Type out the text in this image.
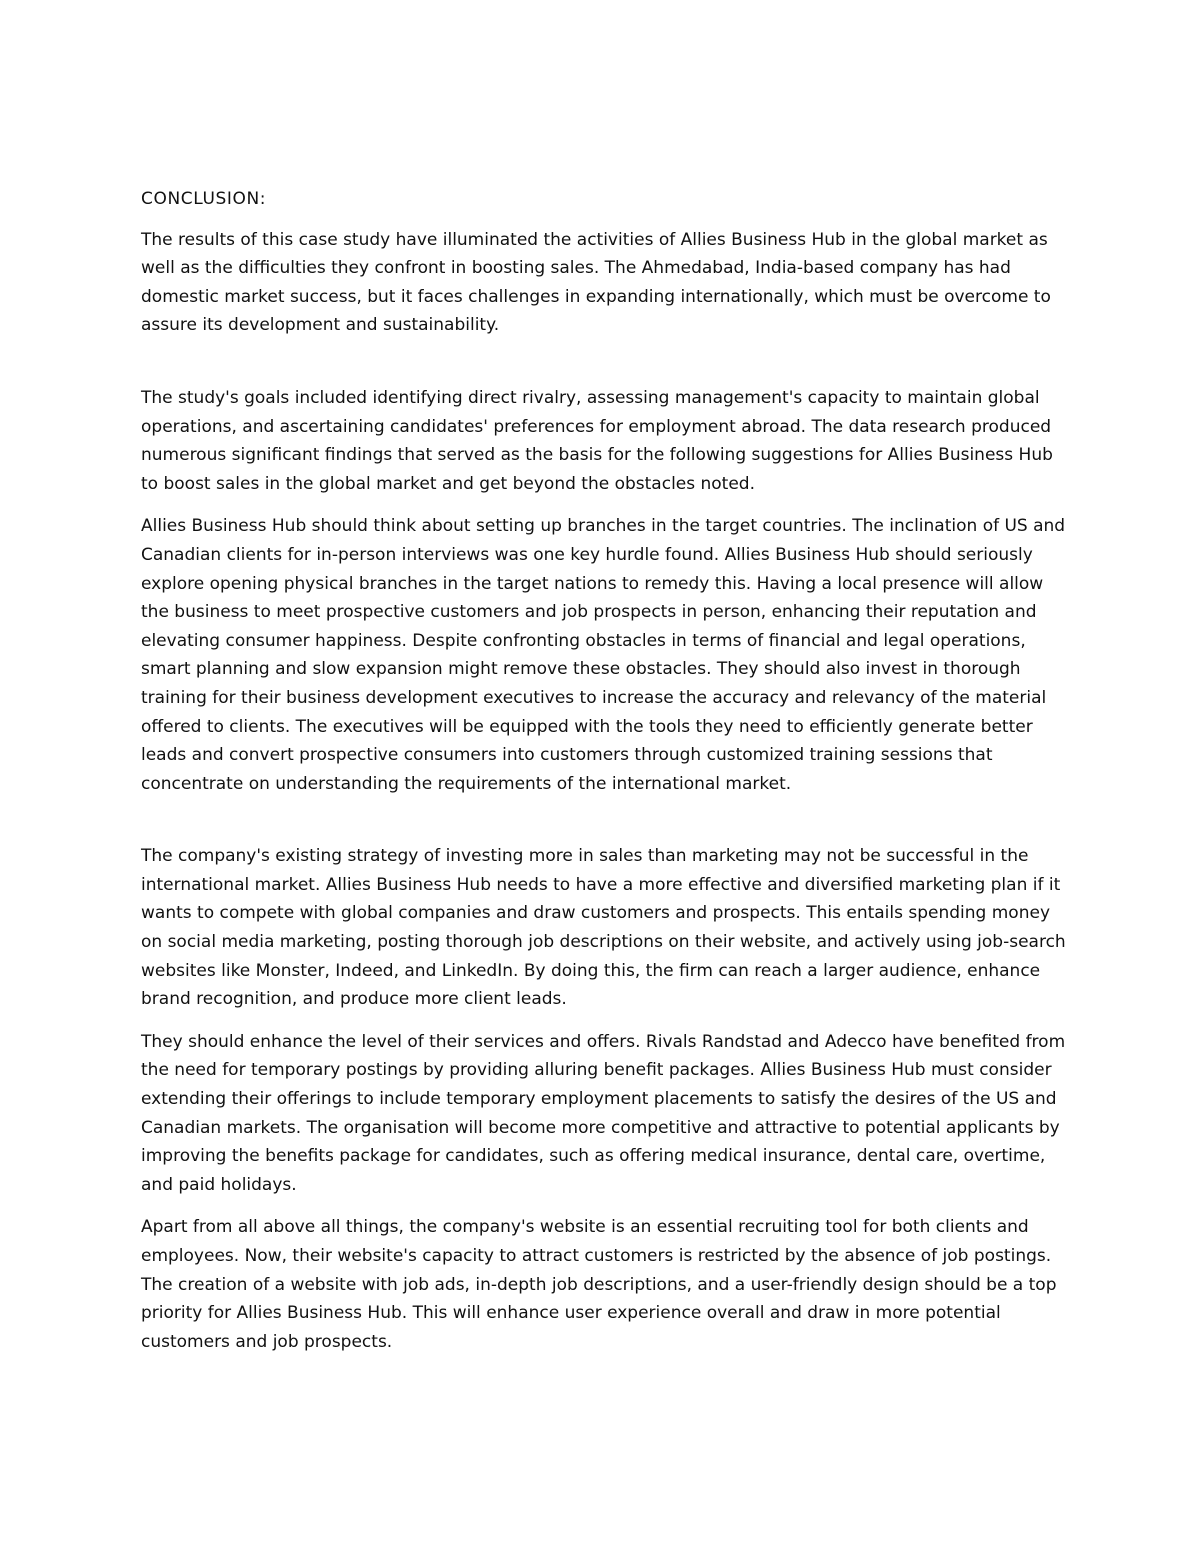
CONCLUSION:

The results of this case study have illuminated the activities of Allies Business Hub in the global market as well as the difficulties they confront in boosting sales. The Ahmedabad, India-based company has had domestic market success, but it faces challenges in expanding internationally, which must be overcome to assure its development and sustainability.

The study's goals included identifying direct rivalry, assessing management's capacity to maintain global operations, and ascertaining candidates' preferences for employment abroad. The data research produced numerous significant findings that served as the basis for the following suggestions for Allies Business Hub to boost sales in the global market and get beyond the obstacles noted.

Allies Business Hub should think about setting up branches in the target countries. The inclination of US and Canadian clients for in-person interviews was one key hurdle found. Allies Business Hub should seriously explore opening physical branches in the target nations to remedy this. Having a local presence will allow the business to meet prospective customers and job prospects in person, enhancing their reputation and elevating consumer happiness. Despite confronting obstacles in terms of financial and legal operations, smart planning and slow expansion might remove these obstacles. They should also invest in thorough training for their business development executives to increase the accuracy and relevancy of the material offered to clients. The executives will be equipped with the tools they need to efficiently generate better leads and convert prospective consumers into customers through customized training sessions that concentrate on understanding the requirements of the international market.

The company's existing strategy of investing more in sales than marketing may not be successful in the international market. Allies Business Hub needs to have a more effective and diversified marketing plan if it wants to compete with global companies and draw customers and prospects. This entails spending money on social media marketing, posting thorough job descriptions on their website, and actively using job-search websites like Monster, Indeed, and LinkedIn. By doing this, the firm can reach a larger audience, enhance brand recognition, and produce more client leads.

They should enhance the level of their services and offers. Rivals Randstad and Adecco have benefited from the need for temporary postings by providing alluring benefit packages. Allies Business Hub must consider extending their offerings to include temporary employment placements to satisfy the desires of the US and Canadian markets. The organisation will become more competitive and attractive to potential applicants by improving the benefits package for candidates, such as offering medical insurance, dental care, overtime, and paid holidays.

Apart from all above all things, the company's website is an essential recruiting tool for both clients and employees. Now, their website's capacity to attract customers is restricted by the absence of job postings. The creation of a website with job ads, in-depth job descriptions, and a user-friendly design should be a top priority for Allies Business Hub. This will enhance user experience overall and draw in more potential customers and job prospects.
